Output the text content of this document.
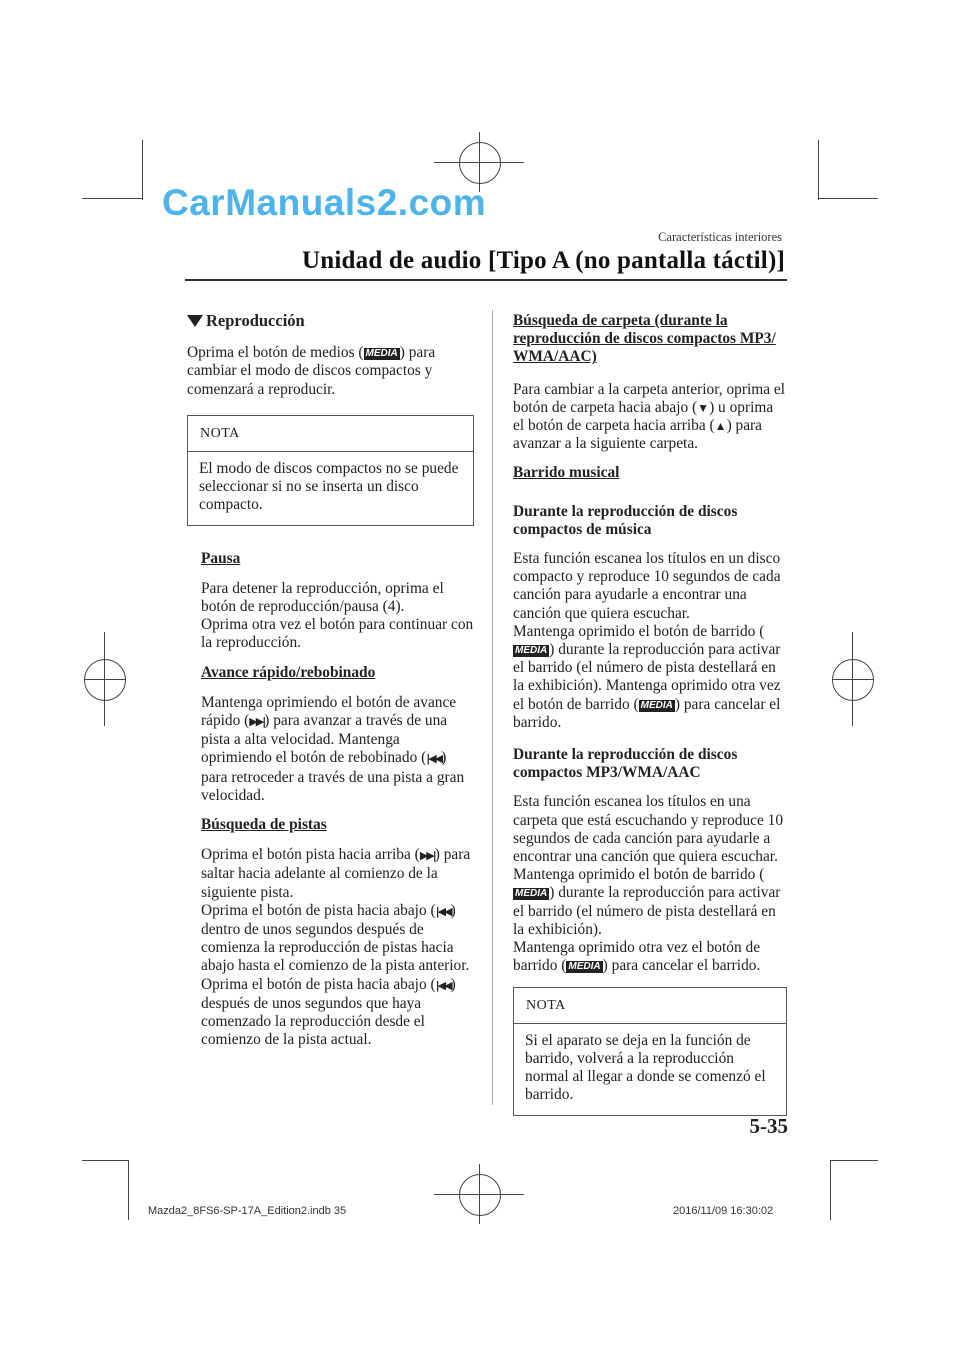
CarManuals2.com
Características interiores
Unidad de audio [Tipo A (no pantalla táctil)]
Reproducción

Oprima el botón de medios ( MEDIA ) para cambiar el modo de discos compactos y comenzará a reproducir.

NOTA
El modo de discos compactos no se puede seleccionar si no se inserta un disco compacto.

Pausa

Para detener la reproducción, oprima el botón de reproducción/pausa (4).

Oprima otra vez el botón para continuar con la reproducción.

Avance rápido/rebobinado

Mantenga oprimiendo el botón de avance rápido (▶▶|) para avanzar a través de una pista a alta velocidad. Mantenga oprimiendo el botón de rebobinado (|◀◀) para retroceder a través de una pista a gran velocidad.

Búsqueda de pistas

Oprima el botón pista hacia arriba (▶▶|) para saltar hacia adelante al comienzo de la siguiente pista.

Oprima el botón de pista hacia abajo (|◀◀) dentro de unos segundos después de comienza la reproducción de pistas hacia abajo hasta el comienzo de la pista anterior.

Oprima el botón de pista hacia abajo (|◀◀) después de unos segundos que haya comenzado la reproducción desde el comienzo de la pista actual.

Búsqueda de carpeta (durante la reproducción de discos compactos MP3/ WMA/AAC)

Para cambiar a la carpeta anterior, oprima el botón de carpeta hacia abajo (▼) u oprima el botón de carpeta hacia arriba (▲) para avanzar a la siguiente carpeta.

Barrido musical

Durante la reproducción de discos compactos de música

Esta función escanea los títulos en un disco compacto y reproduce 10 segundos de cada canción para ayudarle a encontrar una canción que quiera escuchar.

Mantenga oprimido el botón de barrido (MEDIA ) durante la reproducción para activar el barrido (el número de pista destellará en la exhibición). Mantenga oprimido otra vez el botón de barrido ( MEDIA ) para cancelar el barrido.

Durante la reproducción de discos compactos MP3/WMA/AAC

Esta función escanea los títulos en una carpeta que está escuchando y reproduce 10 segundos de cada canción para ayudarle a encontrar una canción que quiera escuchar. Mantenga oprimido el botón de barrido (MEDIA ) durante la reproducción para activar el barrido (el número de pista destellará en la exhibición).

Mantenga oprimido otra vez el botón de barrido ( MEDIA ) para cancelar el barrido.

NOTA
Si el aparato se deja en la función de barrido, volverá a la reproducción normal al llegar a donde se comenzó el barrido.
5-35
Mazda2_8FS6-SP-17A_Edition2.indb 35	2016/11/09 16:30:02
